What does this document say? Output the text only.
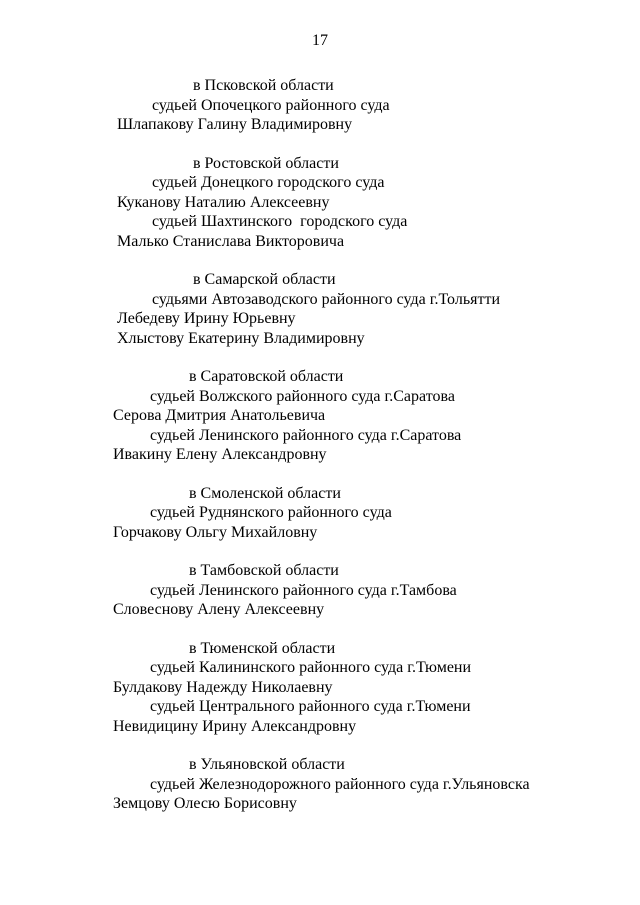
17
в Псковской области
судьей Опочецкого районного суда
Шлапакову Галину Владимировну
в Ростовской области
судьей Донецкого городского суда
Куканову Наталию Алексеевну
судьей Шахтинского  городского суда
Малько Станислава Викторовича
в Самарской области
судьями Автозаводского районного суда г.Тольятти
Лебедеву Ирину Юрьевну
Хлыстову Екатерину Владимировну
в Саратовской области
судьей Волжского районного суда г.Саратова
Серова Дмитрия Анатольевича
судьей Ленинского районного суда г.Саратова
Ивакину Елену Александровну
в Смоленской области
судьей Руднянского районного суда
Горчакову Ольгу Михайловну
в Тамбовской области
судьей Ленинского районного суда г.Тамбова
Словеснову Алену Алексеевну
в Тюменской области
судьей Калининского районного суда г.Тюмени
Булдакову Надежду Николаевну
судьей Центрального районного суда г.Тюмени
Невидицину Ирину Александровну
в Ульяновской области
судьей Железнодорожного районного суда г.Ульяновска
Земцову Олесю Борисовну
